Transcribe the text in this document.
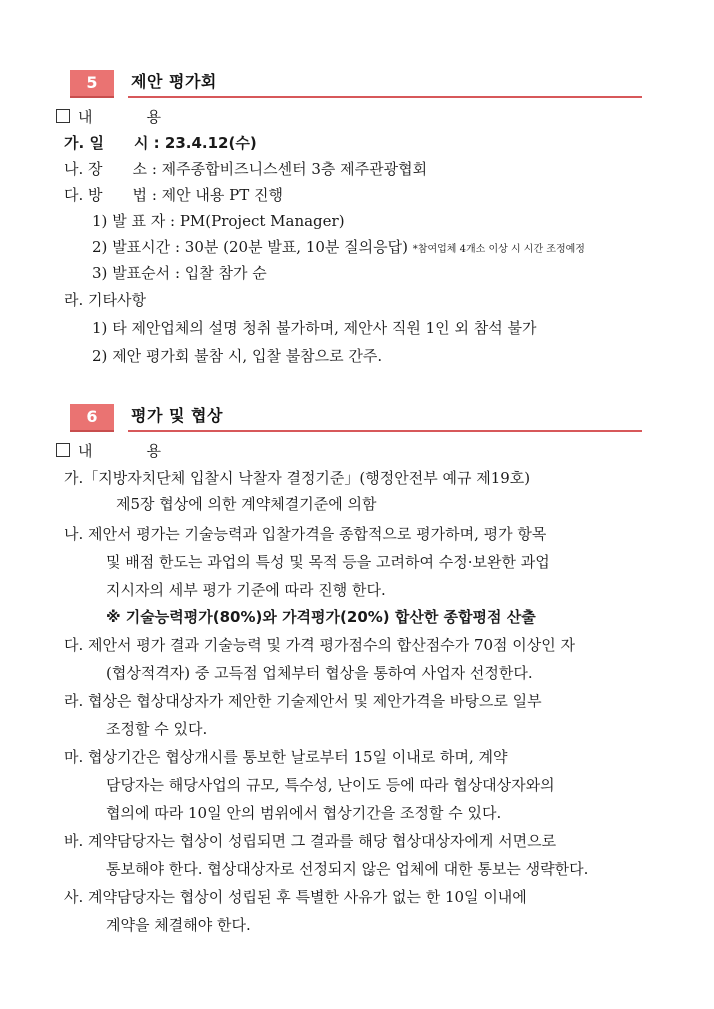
5	제안 평가회
내	용
가. 일 시 : 23.4.12(수)
나. 장 소 : 제주종합비즈니스센터 3층 제주관광협회
다. 방 법 : 제안 내용 PT 진행
1) 발 표 자 : PM(Project Manager)
2) 발표시간 : 30분 (20분 발표, 10분 질의응답) *참여업체 4개소 이상 시 시간 조정예정
3) 발표순서 : 입찰 참가 순
라. 기타사항
1) 타 제안업체의 설명 청취 불가하며, 제안사 직원 1인 외 참석 불가
2) 제안 평가회 불참 시, 입찰 불참으로 간주.
6	평가 및 협상
내	용
가.「지방자치단체 입찰시 낙찰자 결정기준」(행정안전부 예규 제19호)
제5장 협상에 의한 계약체결기준에 의함
나. 제안서 평가는 기술능력과 입찰가격을 종합적으로 평가하며, 평가 항목
및 배점 한도는 과업의 특성 및 목적 등을 고려하여 수정·보완한 과업
지시자의 세부 평가 기준에 따라 진행 한다.
※ 기술능력평가(80%)와 가격평가(20%) 합산한 종합평점 산출
다. 제안서 평가 결과 기술능력 및 가격 평가점수의 합산점수가 70점 이상인 자
(협상적격자) 중 고득점 업체부터 협상을 통하여 사업자 선정한다.
라. 협상은 협상대상자가 제안한 기술제안서 및 제안가격을 바탕으로 일부
조정할 수 있다.
마. 협상기간은 협상개시를 통보한 날로부터 15일 이내로 하며, 계약
담당자는 해당사업의 규모, 특수성, 난이도 등에 따라 협상대상자와의
협의에 따라 10일 안의 범위에서 협상기간을 조정할 수 있다.
바. 계약담당자는 협상이 성립되면 그 결과를 해당 협상대상자에게 서면으로
통보해야 한다. 협상대상자로 선정되지 않은 업체에 대한 통보는 생략한다.
사. 계약담당자는 협상이 성립된 후 특별한 사유가 없는 한 10일 이내에
계약을 체결해야 한다.
